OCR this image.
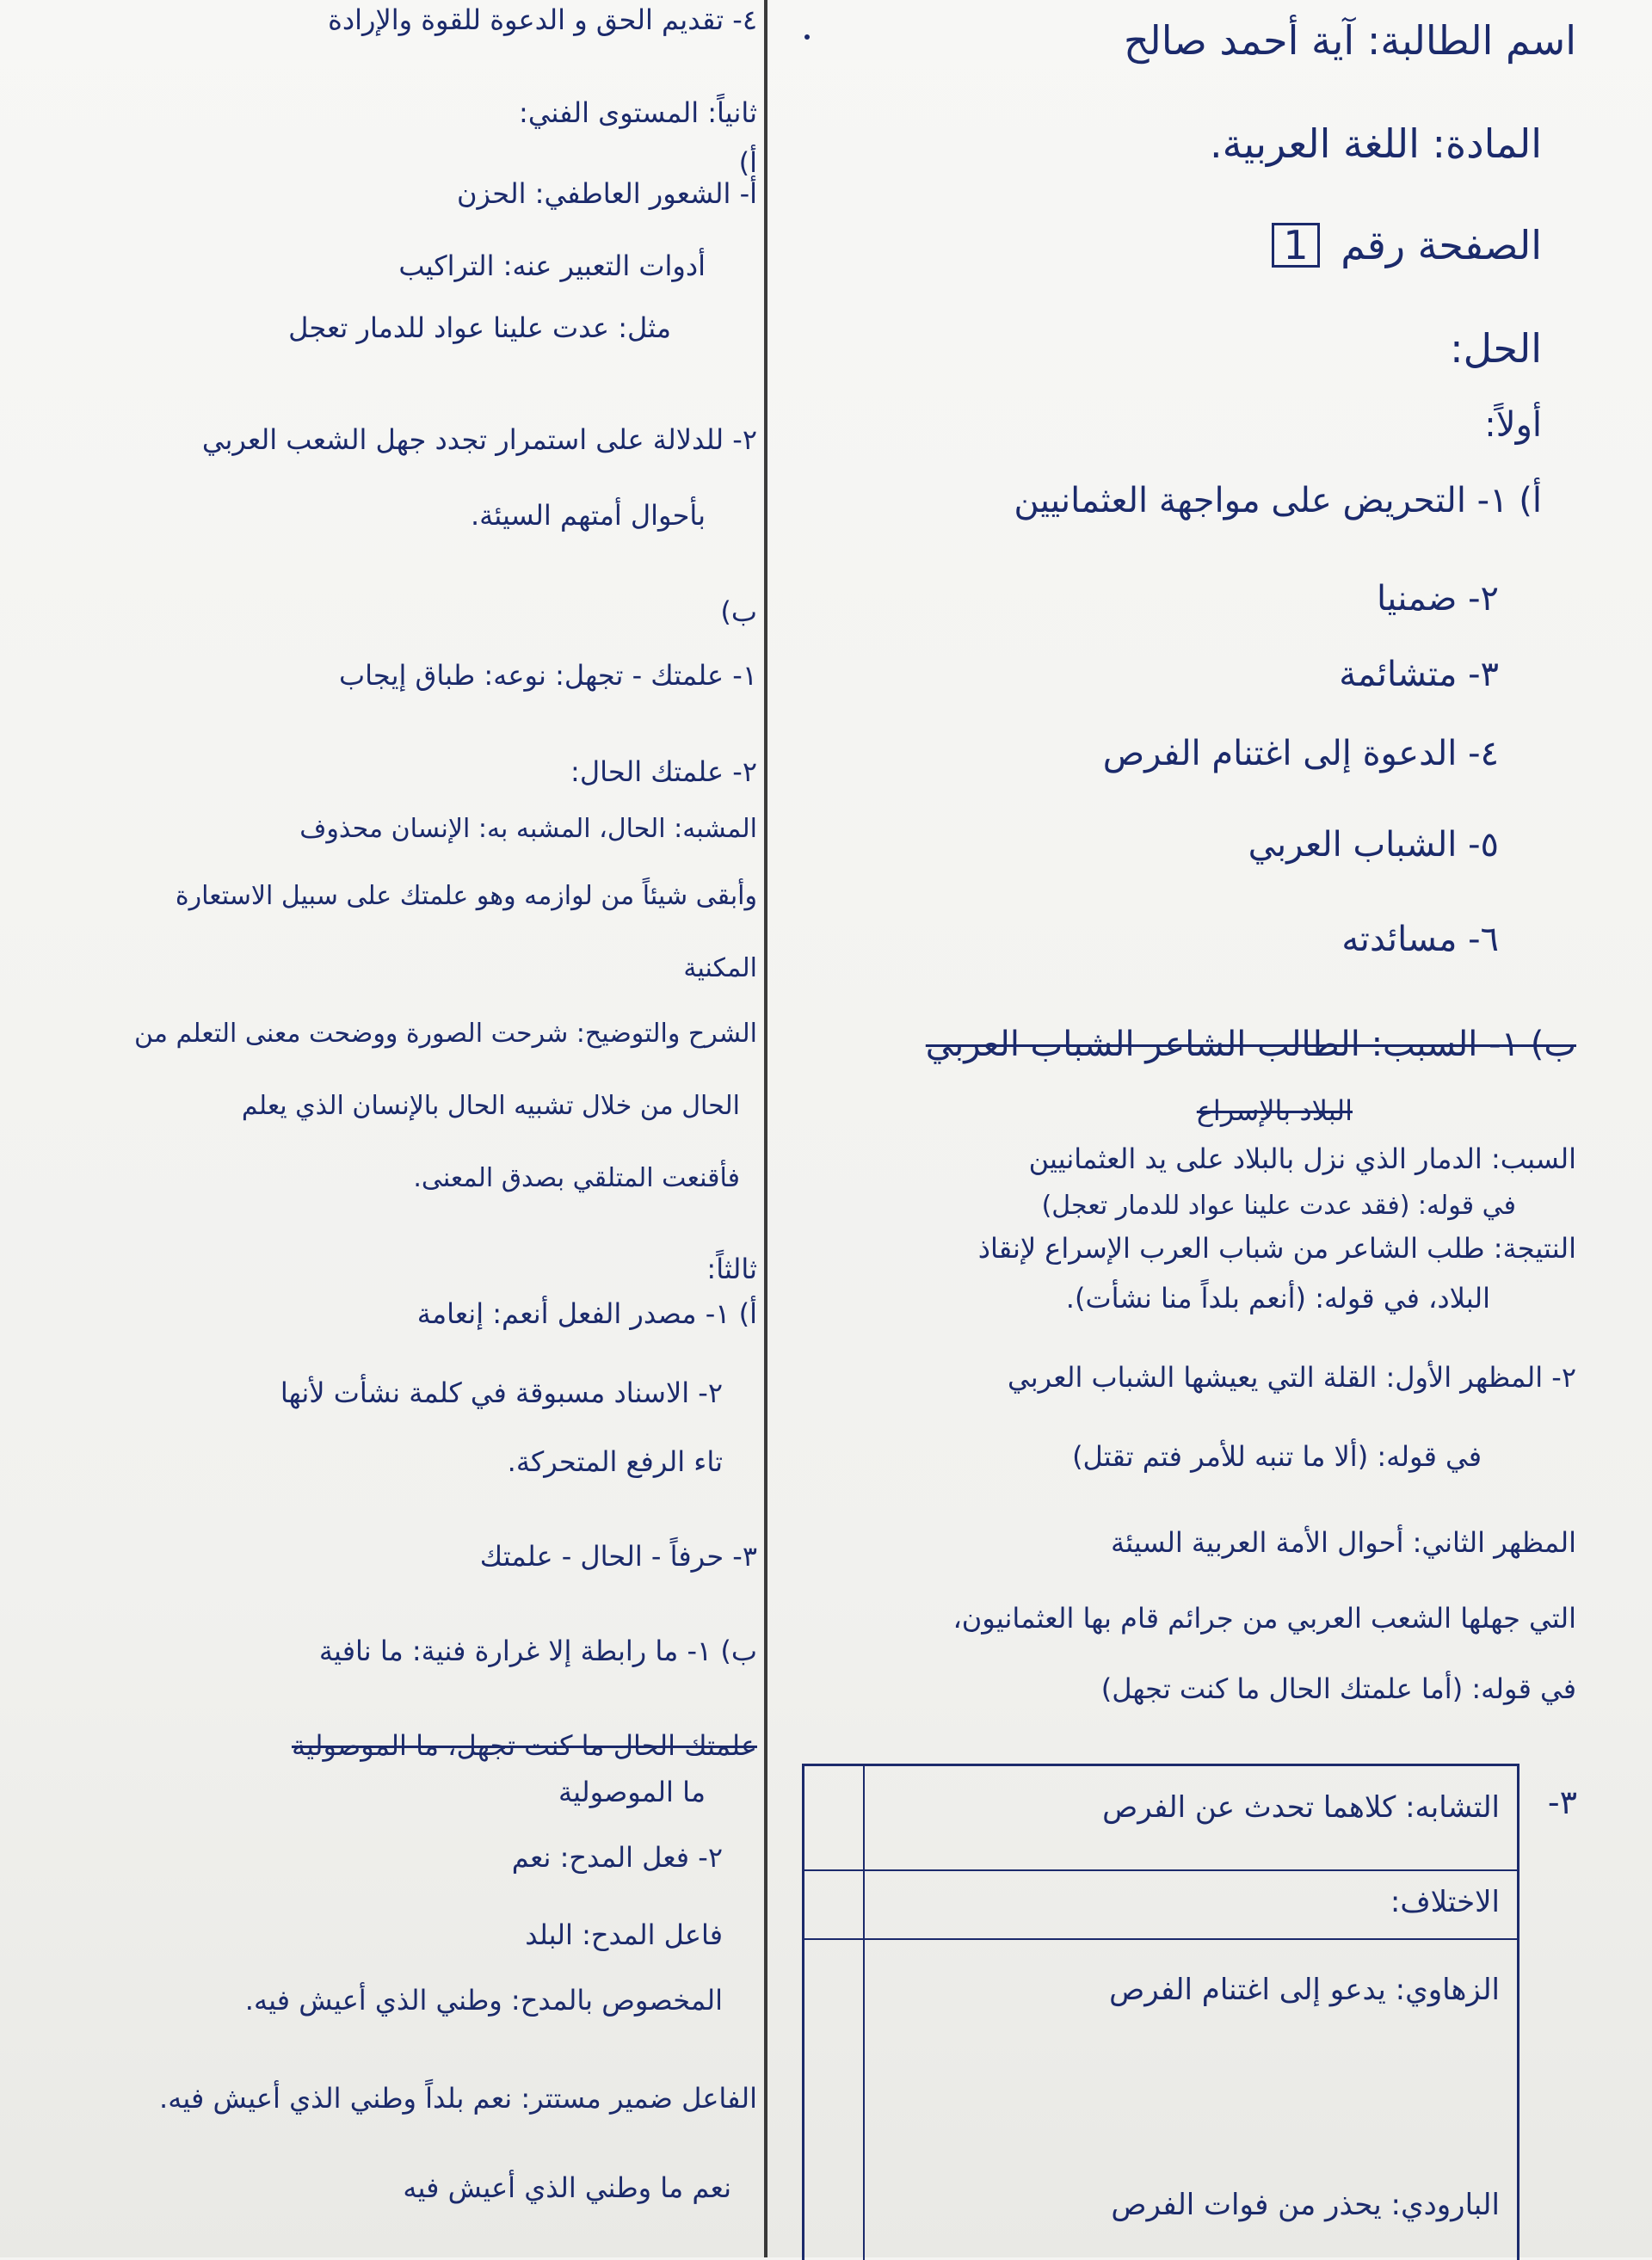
اسم الطالبة: آية أحمد صالح
المادة: اللغة العربية.
الصفحة رقم 1
الحل:
أولاً:
أ) ١- التحريض على مواجهة العثمانيين
٢- ضمنيا
٣- متشائمة
٤- الدعوة إلى اغتنام الفرص
٥- الشباب العربي
٦- مسائدته
ب) ١- السبب: الطالب الشاعر الشباب العربي
البلاد بالإسراع
السبب: الدمار الذي نزل بالبلاد على يد العثمانيين
في قوله: (فقد عدت علينا عواد للدمار تعجل)
النتيجة: طلب الشاعر من شباب العرب الإسراع لإنقاذ
البلاد، في قوله: (أنعم بلداً منا نشأت).
٢- المظهر الأول: القلة التي يعيشها الشباب العربي
في قوله: (ألا ما تنبه للأمر فتم تقتل)
المظهر الثاني: أحوال الأمة العربية السيئة
التي جهلها الشعب العربي من جرائم قام بها العثمانيون،
في قوله: (أما علمتك الحال ما كنت تجهل)
٣-
التشابه: كلاهما تحدث عن الفرص
الاختلاف:
الزهاوي: يدعو إلى اغتنام الفرص
البارودي: يحذر من فوات الفرص
٤- تقديم الحق و الدعوة للقوة والإرادة
ثانياً: المستوى الفني:
أ)
أ- الشعور العاطفي: الحزن
أدوات التعبير عنه: التراكيب
مثل: عدت علينا عواد للدمار تعجل
٢- للدلالة على استمرار تجدد جهل الشعب العربي
بأحوال أمتهم السيئة.
ب)
١- علمتك - تجهل: نوعه: طباق إيجاب
٢- علمتك الحال:
المشبه: الحال، المشبه به: الإنسان محذوف
وأبقى شيئاً من لوازمه وهو علمتك على سبيل الاستعارة
المكنية
الشرح والتوضيح: شرحت الصورة ووضحت معنى التعلم من
الحال من خلال تشبيه الحال بالإنسان الذي يعلم
فأقنعت المتلقي بصدق المعنى.
ثالثاً:
أ) ١- مصدر الفعل أنعم: إنعامة
٢- الاسناد مسبوقة في كلمة نشأت لأنها
تاء الرفع المتحركة.
٣- حرفاً - الحال - علمتك
ب) ١- ما رابطة إلا غرارة فنية: ما نافية
علمتك الحال ما كنت تجهل، ما الموصولية
ما الموصولية
٢- فعل المدح: نعم
فاعل المدح: البلد
المخصوص بالمدح: وطني الذي أعيش فيه.
الفاعل ضمير مستتر: نعم بلداً وطني الذي أعيش فيه.
نعم ما وطني الذي أعيش فيه
